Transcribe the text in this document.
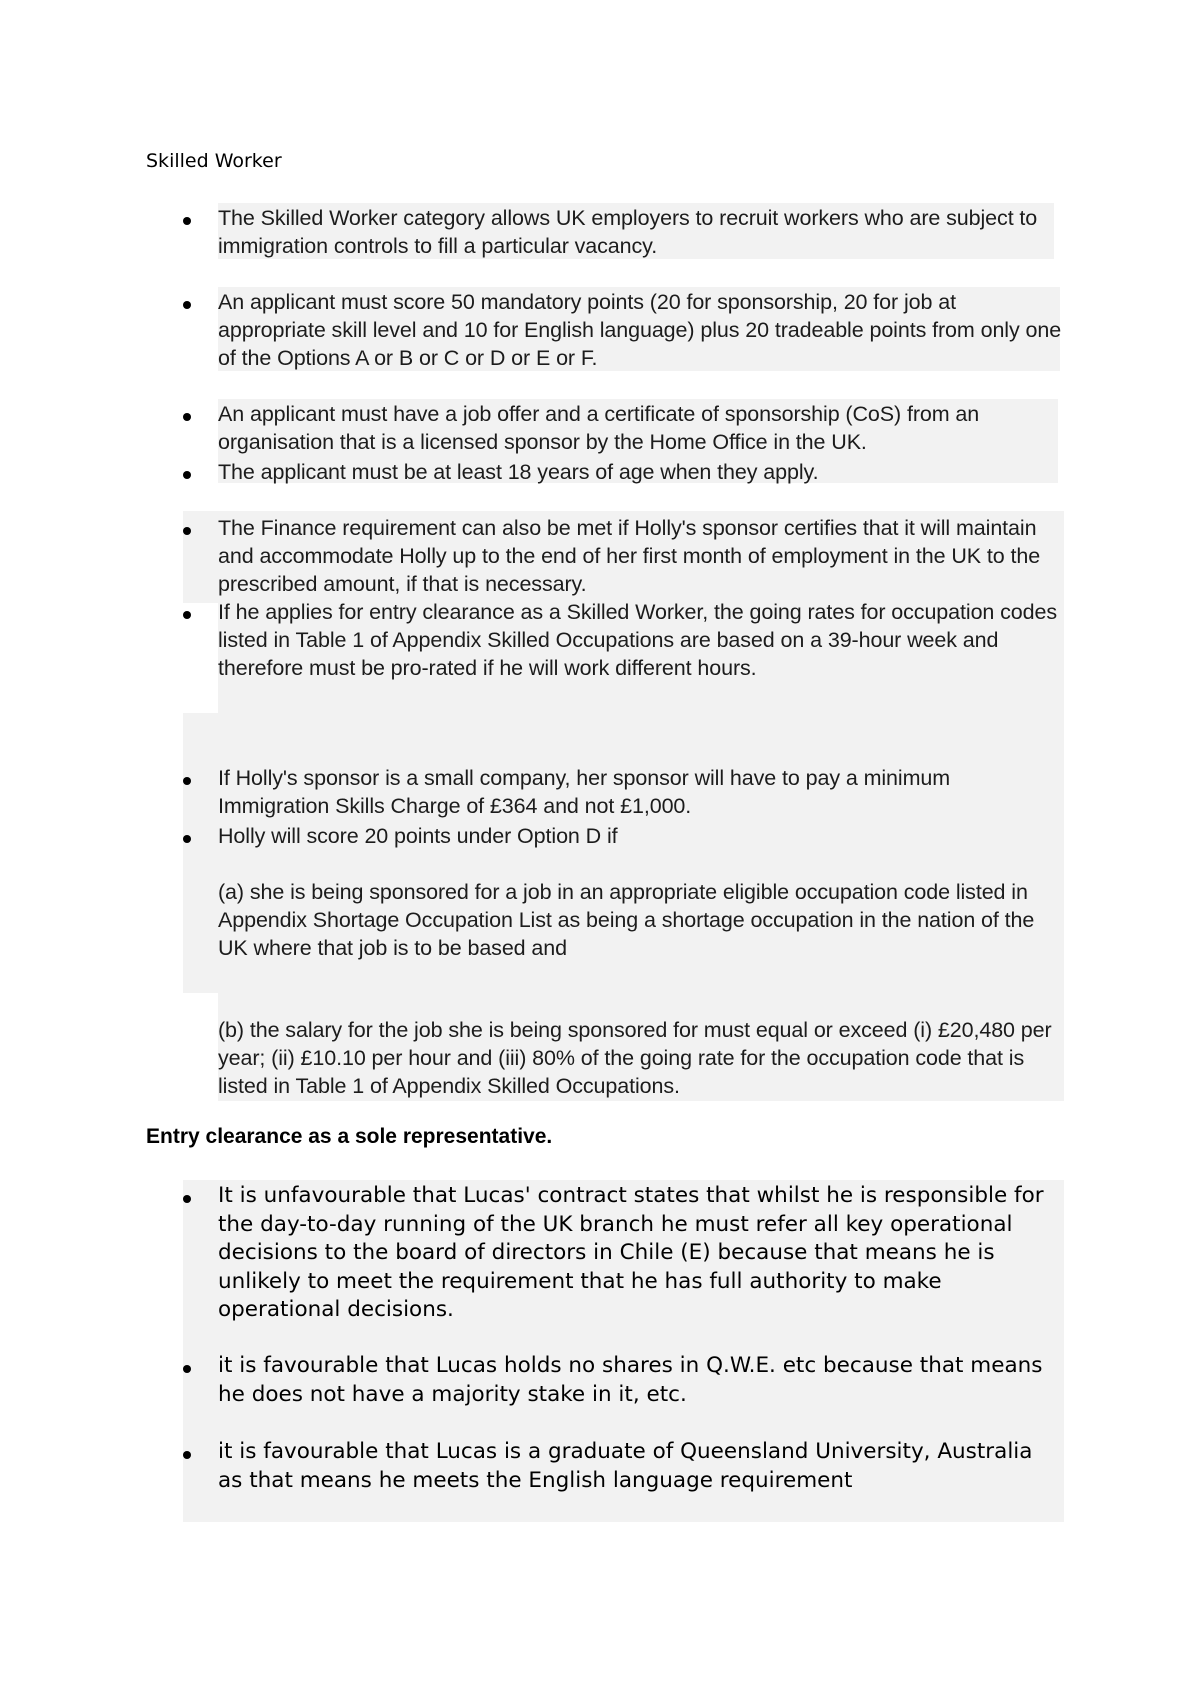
Skilled Worker

The Skilled Worker category allows UK employers to recruit workers who are subject to immigration controls to fill a particular vacancy.

An applicant must score 50 mandatory points (20 for sponsorship, 20 for job at appropriate skill level and 10 for English language) plus 20 tradeable points from only one of the Options A or B or C or D or E or F.

An applicant must have a job offer and a certificate of sponsorship (CoS) from an organisation that is a licensed sponsor by the Home Office in the UK.

The applicant must be at least 18 years of age when they apply.

The Finance requirement can also be met if Holly's sponsor certifies that it will maintain and accommodate Holly up to the end of her first month of employment in the UK to the prescribed amount, if that is necessary.

If he applies for entry clearance as a Skilled Worker, the going rates for occupation codes listed in Table 1 of Appendix Skilled Occupations are based on a 39-hour week and therefore must be pro-rated if he will work different hours.

If Holly's sponsor is a small company, her sponsor will have to pay a minimum Immigration Skills Charge of £364 and not £1,000.

Holly will score 20 points under Option D if

(a) she is being sponsored for a job in an appropriate eligible occupation code listed in Appendix Shortage Occupation List as being a shortage occupation in the nation of the UK where that job is to be based and

(b) the salary for the job she is being sponsored for must equal or exceed (i) £20,480 per year; (ii) £10.10 per hour and (iii) 80% of the going rate for the occupation code that is listed in Table 1 of Appendix Skilled Occupations.

Entry clearance as a sole representative.

It is unfavourable that Lucas' contract states that whilst he is responsible for the day-to-day running of the UK branch he must refer all key operational decisions to the board of directors in Chile (E) because that means he is unlikely to meet the requirement that he has full authority to make operational decisions.

it is favourable that Lucas holds no shares in Q.W.E. etc because that means he does not have a majority stake in it, etc.

it is favourable that Lucas is a graduate of Queensland University, Australia as that means he meets the English language requirement
